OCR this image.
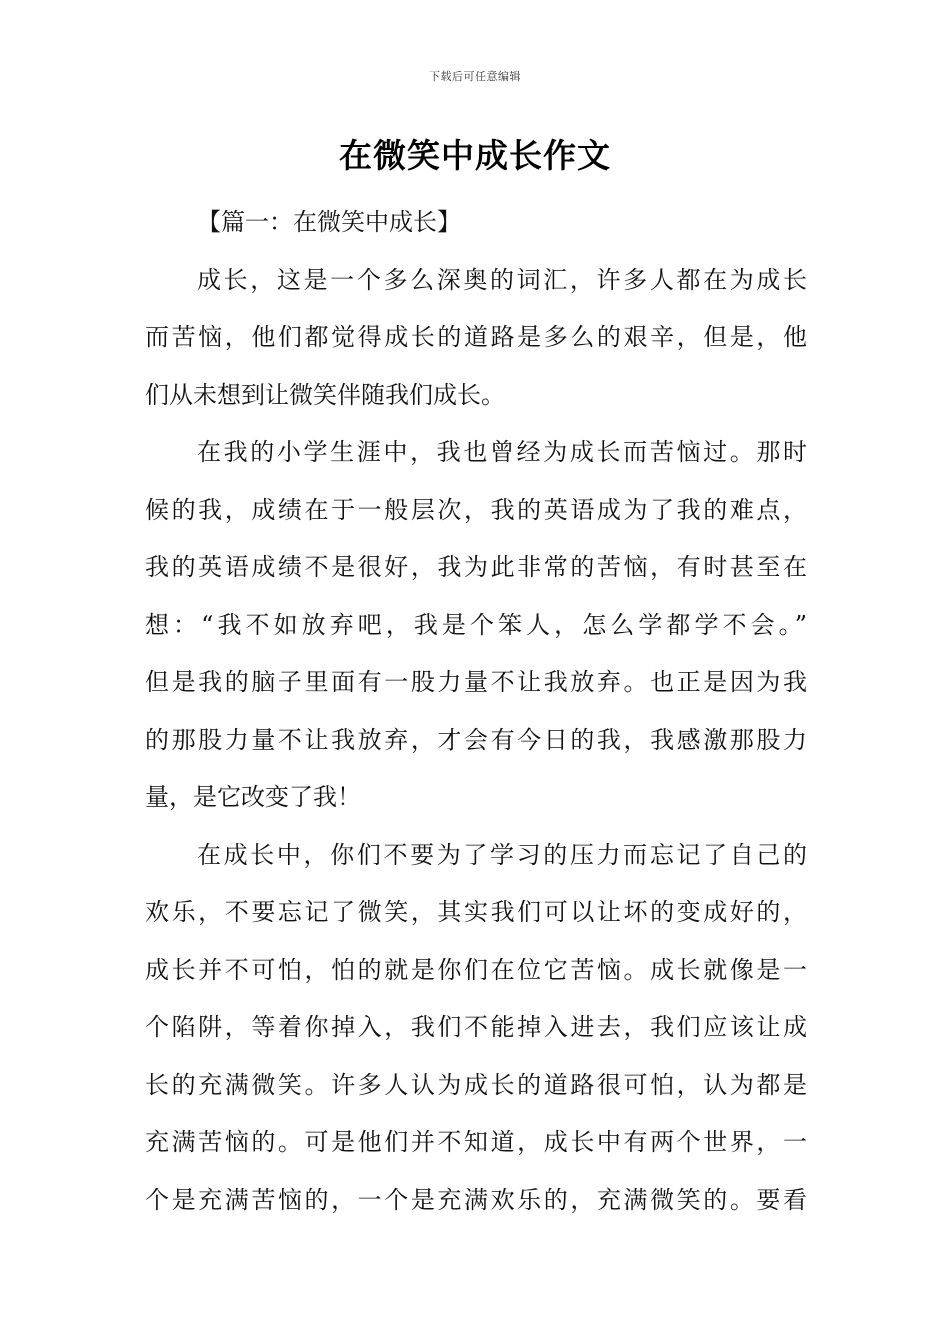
下载后可任意编辑
在微笑中成长作文
【篇一：在微笑中成长】
成长，这是一个多么深奥的词汇，许多人都在为成长
而苦恼，他们都觉得成长的道路是多么的艰辛，但是，他
们从未想到让微笑伴随我们成长。
在我的小学生涯中，我也曾经为成长而苦恼过。那时
候的我，成绩在于一般层次，我的英语成为了我的难点，
我的英语成绩不是很好，我为此非常的苦恼，有时甚至在
想：“我不如放弃吧，我是个笨人，怎么学都学不会。”
但是我的脑子里面有一股力量不让我放弃。也正是因为我
的那股力量不让我放弃，才会有今日的我，我感激那股力
量，是它改变了我！
在成长中，你们不要为了学习的压力而忘记了自己的
欢乐，不要忘记了微笑，其实我们可以让坏的变成好的，
成长并不可怕，怕的就是你们在位它苦恼。成长就像是一
个陷阱，等着你掉入，我们不能掉入进去，我们应该让成
长的充满微笑。许多人认为成长的道路很可怕，认为都是
充满苦恼的。可是他们并不知道，成长中有两个世界，一
个是充满苦恼的，一个是充满欢乐的，充满微笑的。要看
